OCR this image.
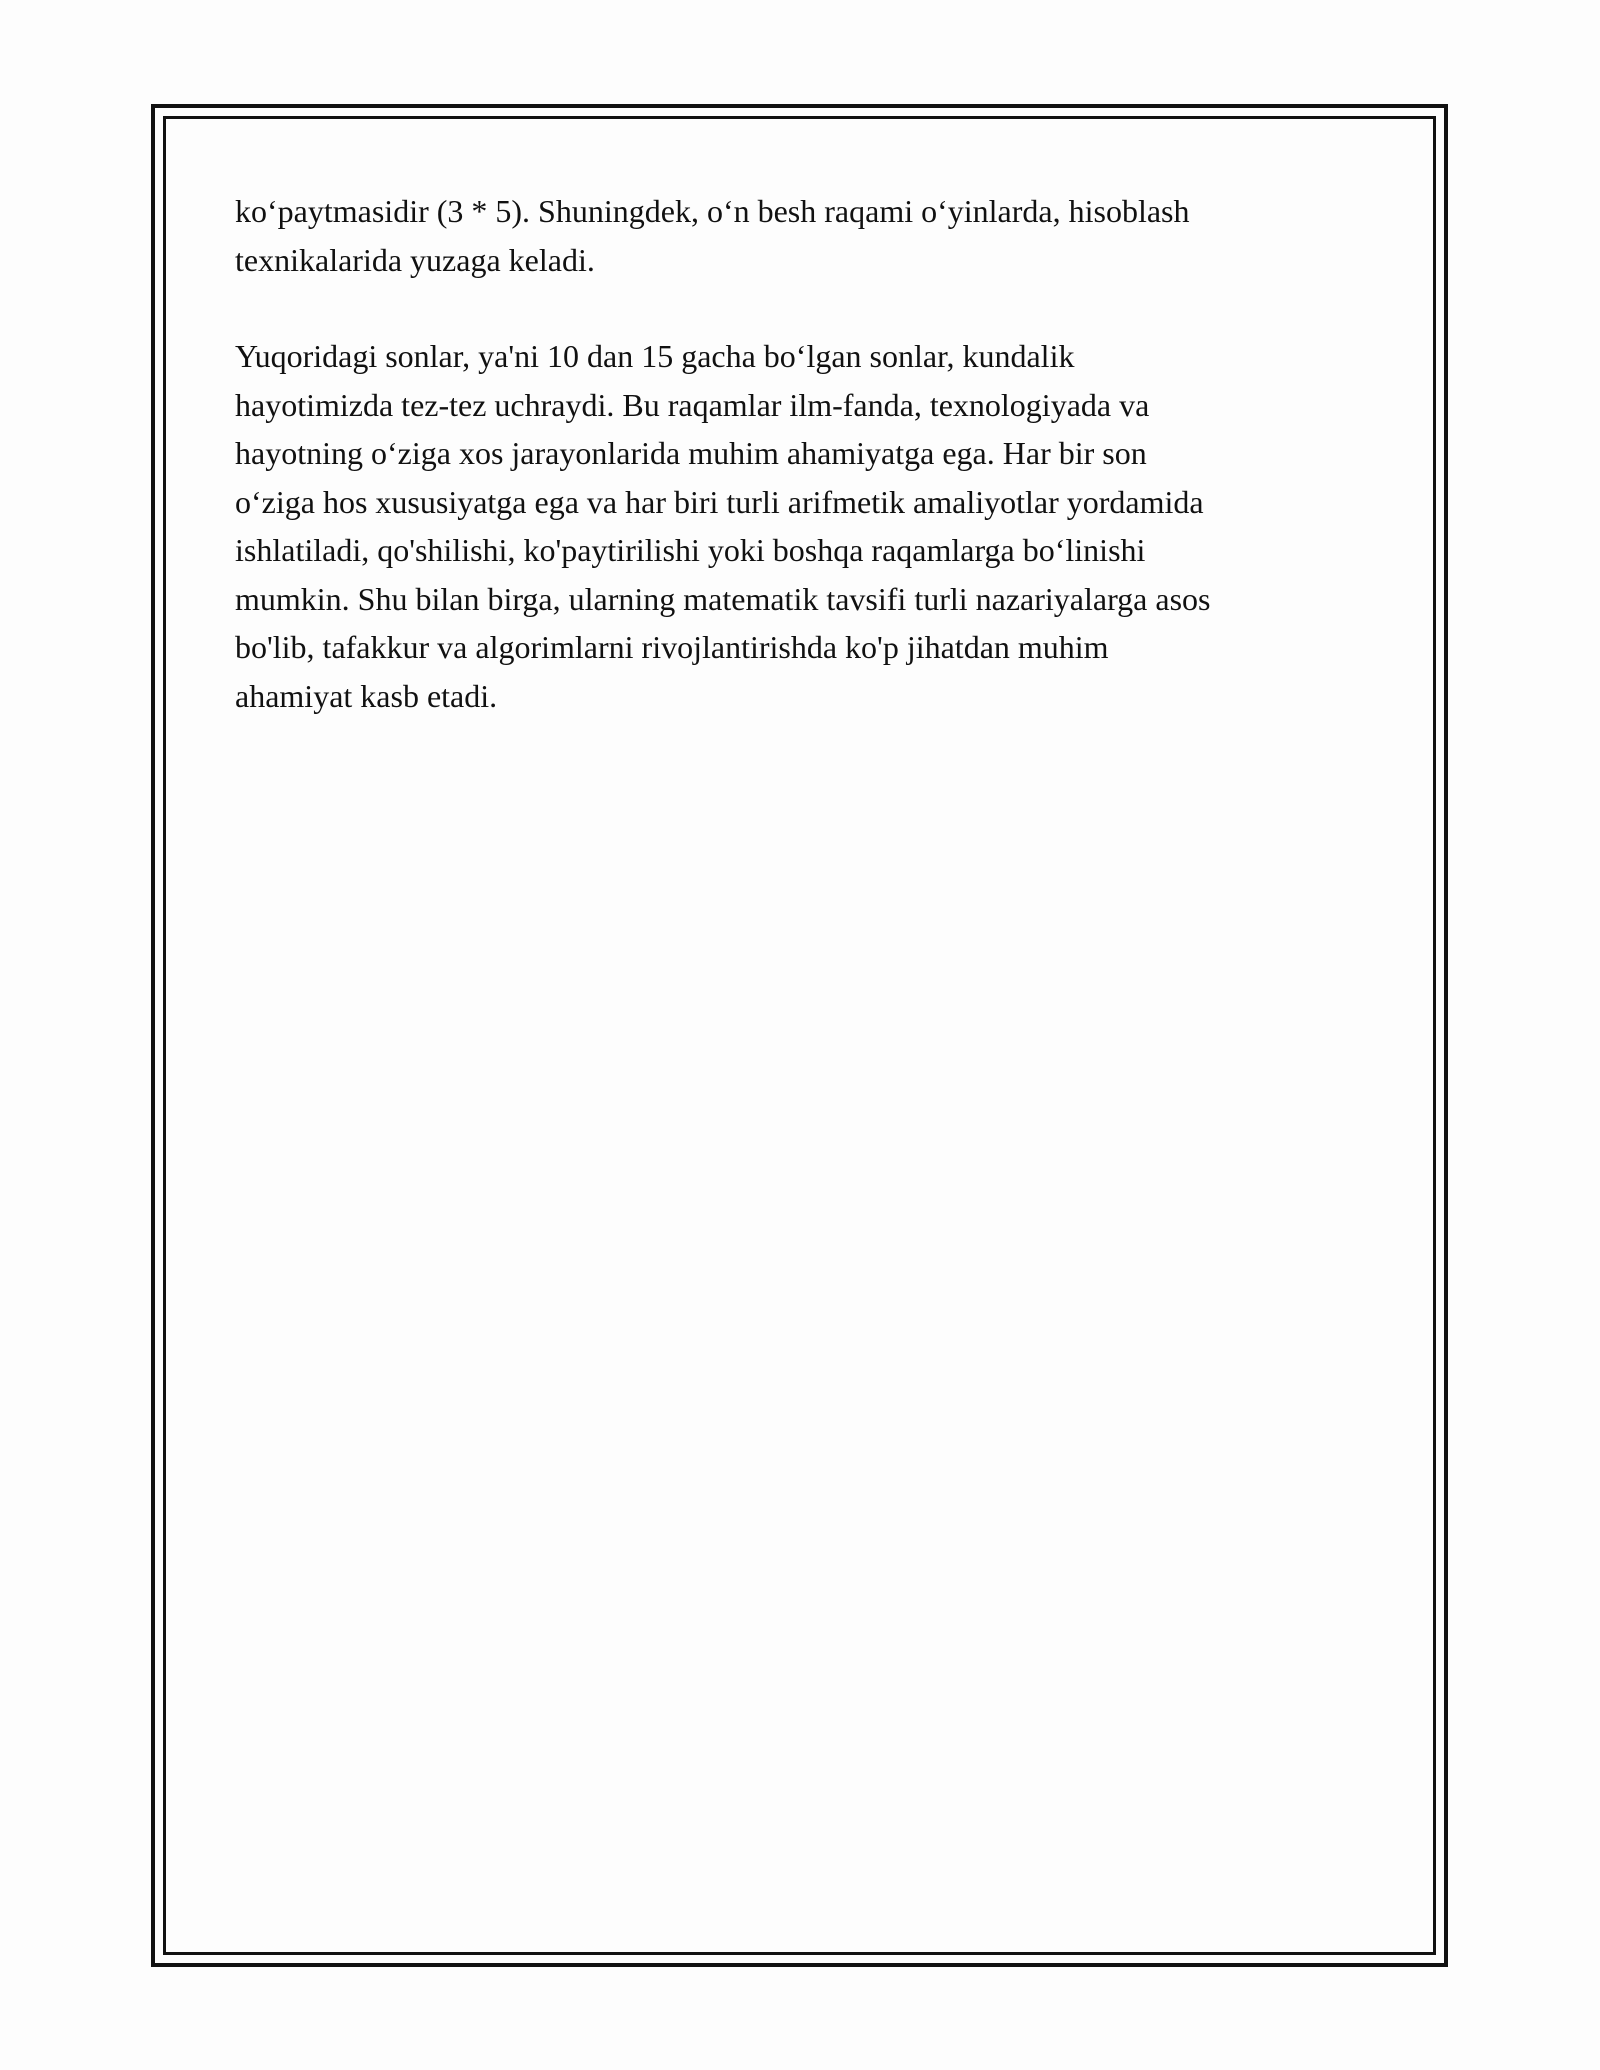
ko‘paytmasidir (3 * 5). Shuningdek, o‘n besh raqami o‘yinlarda, hisoblash
texnikalarida yuzaga keladi.

Yuqoridagi sonlar, ya'ni 10 dan 15 gacha bo‘lgan sonlar, kundalik
hayotimizda tez-tez uchraydi. Bu raqamlar ilm-fanda, texnologiyada va
hayotning o‘ziga xos jarayonlarida muhim ahamiyatga ega. Har bir son
o‘ziga hos xususiyatga ega va har biri turli arifmetik amaliyotlar yordamida
ishlatiladi, qo'shilishi, ko'paytirilishi yoki boshqa raqamlarga bo‘linishi
mumkin. Shu bilan birga, ularning matematik tavsifi turli nazariyalarga asos
bo'lib, tafakkur va algorimlarni rivojlantirishda ko'p jihatdan muhim
ahamiyat kasb etadi.
